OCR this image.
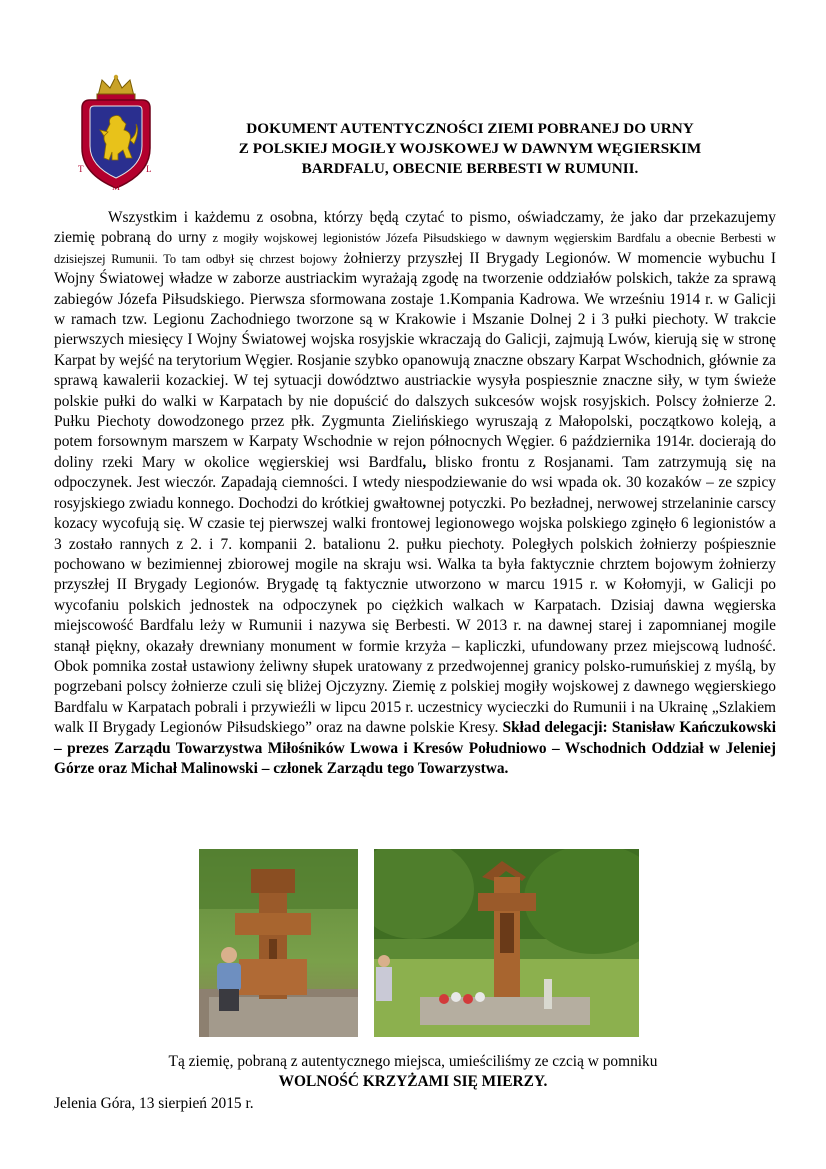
T	L
M
DOKUMENT AUTENTYCZNOŚCI ZIEMI POBRANEJ DO URNY
Z POLSKIEJ MOGIŁY WOJSKOWEJ W DAWNYM WĘGIERSKIM
BARDFALU, OBECNIE BERBESTI W RUMUNII.

Wszystkim i każdemu z osobna, którzy będą czytać to pismo, oświadczamy, że jako dar przekazujemy ziemię pobraną do urny z mogiły wojskowej legionistów Józefa Piłsudskiego w dawnym węgierskim Bardfalu a obecnie Berbesti w dzisiejszej Rumunii. To tam odbył się chrzest bojowy żołnierzy przyszłej II Brygady Legionów. W momencie wybuchu I Wojny Światowej władze w zaborze austriackim wyrażają zgodę na tworzenie oddziałów polskich, także za sprawą zabiegów Józefa Piłsudskiego. Pierwsza sformowana zostaje 1.Kompania Kadrowa. We wrześniu 1914 r. w Galicji w ramach tzw. Legionu Zachodniego tworzone są w Krakowie i Mszanie Dolnej 2 i 3 pułki piechoty. W trakcie pierwszych miesięcy I Wojny Światowej wojska rosyjskie wkraczają do Galicji, zajmują Lwów, kierują się w stronę Karpat by wejść na terytorium Węgier. Rosjanie szybko opanowują znaczne obszary Karpat Wschodnich, głównie za sprawą kawalerii kozackiej. W tej sytuacji dowództwo austriackie wysyła pospiesznie znaczne siły, w tym świeże polskie pułki do walki w Karpatach by nie dopuścić do dalszych sukcesów wojsk rosyjskich. Polscy żołnierze 2. Pułku Piechoty dowodzonego przez płk. Zygmunta Zielińskiego wyruszają z Małopolski, początkowo koleją, a potem forsownym marszem w Karpaty Wschodnie w rejon północnych Węgier. 6 października 1914r. docierają do doliny rzeki Mary w okolice węgierskiej wsi Bardfalu, blisko frontu z Rosjanami. Tam zatrzymują się na odpoczynek. Jest wieczór. Zapadają ciemności. I wtedy niespodziewanie do wsi wpada ok. 30 kozaków – ze szpicy rosyjskiego zwiadu konnego. Dochodzi do krótkiej gwałtownej potyczki. Po bezładnej, nerwowej strzelaninie carscy kozacy wycofują się. W czasie tej pierwszej walki frontowej legionowego wojska polskiego zginęło 6 legionistów a 3 zostało rannych z 2. i 7. kompanii 2. batalionu 2. pułku piechoty. Poległych polskich żołnierzy pośpiesznie pochowano w bezimiennej zbiorowej mogile na skraju wsi. Walka ta była faktycznie chrztem bojowym żołnierzy przyszłej II Brygady Legionów. Brygadę tą faktycznie utworzono w marcu 1915 r. w Kołomyji, w Galicji po wycofaniu polskich jednostek na odpoczynek po ciężkich walkach w Karpatach. Dzisiaj dawna węgierska miejscowość Bardfalu leży w Rumunii i nazywa się Berbesti. W 2013 r. na dawnej starej i zapomnianej mogile stanął piękny, okazały drewniany monument w formie krzyża – kapliczki, ufundowany przez miejscową ludność. Obok pomnika został ustawiony żeliwny słupek uratowany z przedwojennej granicy polsko-rumuńskiej z myślą, by pogrzebani polscy żołnierze czuli się bliżej Ojczyzny. Ziemię z polskiej mogiły wojskowej z dawnego węgierskiego Bardfalu w Karpatach pobrali i przywieźli w lipcu 2015 r. uczestnicy wycieczki do Rumunii i na Ukrainę „Szlakiem walk II Brygady Legionów Piłsudskiego” oraz na dawne polskie Kresy. Skład delegacji: Stanisław Kańczukowski – prezes Zarządu Towarzystwa Miłośników Lwowa i Kresów Południowo – Wschodnich Oddział w Jeleniej Górze oraz Michał Malinowski – członek Zarządu tego Towarzystwa.

Tą ziemię, pobraną z autentycznego miejsca, umieściliśmy ze czcią w pomniku
WOLNOŚĆ KRZYŻAMI SIĘ MIERZY.
Jelenia Góra, 13 sierpień 2015 r.
